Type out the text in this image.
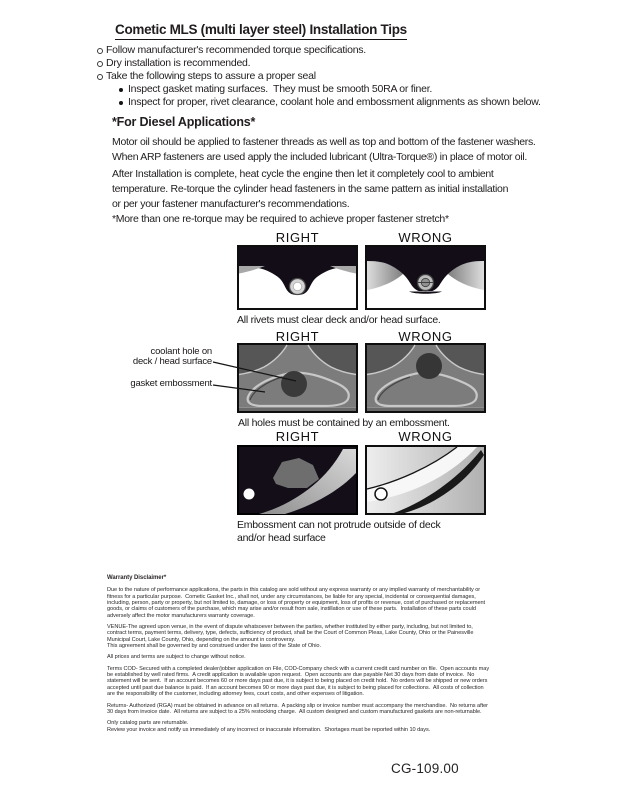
Cometic MLS (multi layer steel) Installation Tips
Follow manufacturer's recommended torque specifications.
Dry installation is recommended.
Take the following steps to assure a proper seal
Inspect gasket mating surfaces.  They must be smooth 50RA or finer.
Inspect for proper, rivet clearance, coolant hole and embossment alignments as shown below.
*For Diesel Applications*
Motor oil should be applied to fastener threads as well as top and bottom of the fastener washers.
When ARP fasteners are used apply the included lubricant (Ultra-Torque®) in place of motor oil.
After Installation is complete, heat cycle the engine then let it completely cool to ambient
temperature. Re-torque the cylinder head fasteners in the same pattern as initial installation
or per your fastener manufacturer's recommendations.
*More than one re-torque may be required to achieve proper fastener stretch*
RIGHT	WRONG
All rivets must clear deck and/or head surface.
RIGHT	WRONG
coolant hole on
deck / head surface
gasket embossment
All holes must be contained by an embossment.
RIGHT	WRONG
Embossment can not protrude outside of deck
and/or head surface
Warranty Disclaimer*
Due to the nature of performance applications, the parts in this catalog are sold without any express warranty or any implied warranty of merchantability or
fitness for a particular purpose.  Cometic Gasket Inc., shall not, under any circumstances, be liable for any special, incidental or consequential damages,
including, person, party or property, but not limited to, damage, or loss of property or equipment, loss of profits or revenue, cost of purchased or replacement
goods, or claims of customers of the purchase, which may arise and/or result from sale, instillation or use of these parts.  Installation of these parts could
adversely affect the motor manufacturers warranty coverage.
VENUE-The agreed upon venue, in the event of dispute whatsoever between the parties, whether instituted by either party, including, but not limited to,
contract terms, payment terms, delivery, type, defects, sufficiency of product, shall be the Court of Common Pleas, Lake County, Ohio or the Painesville
Municipal Court, Lake County, Ohio, depending on the amount in controversy.
This agreement shall be governed by and construed under the laws of the State of Ohio.
All prices and terms are subject to change without notice.
Terms COD- Secured with a completed dealer/jobber application on File, COD-Company check with a current credit card number on file.  Open accounts may
be established by well rated firms.  A credit application is available upon request.  Open accounts are due payable Net 30 days from date of invoice.  No
statement will be sent.  If an account becomes 60 or more days past due, it is subject to being placed on credit hold.  No orders will be shipped or new orders
accepted until past due balance is paid.  If an account becomes 90 or more days past due, it is subject to being placed for collections.  All costs of collection
are the responsibility of the customer, including attorney fees, court costs, and other expenses of litigation.
Returns- Authorized (RGA) must be obtained in advance on all returns.  A packing slip or invoice number must accompany the merchandise.  No returns after
30 days from invoice date.  All returns are subject to a 25% restocking charge.  All custom designed and custom manufactured gaskets are non-returnable.
Only catalog parts are returnable.
Review your invoice and notify us immediately of any incorrect or inaccurate information.  Shortages must be reported within 10 days.
CG-109.00
